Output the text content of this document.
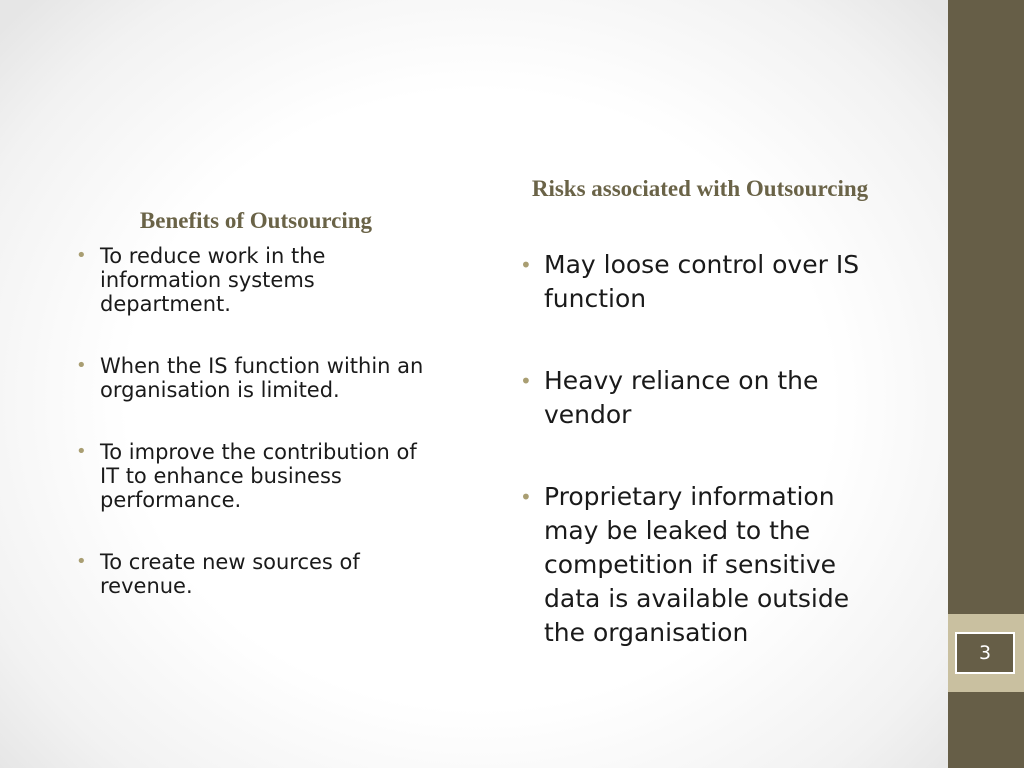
Benefits of Outsourcing
• To reduce work in the information systems department.
• When the IS function within an organisation is limited.
• To improve the contribution of IT to enhance business performance.
• To create new sources of revenue.
Risks associated with Outsourcing
• May loose control over IS function
• Heavy reliance on the vendor
• Proprietary information may be leaked to the competition if sensitive data is available outside the organisation
3
